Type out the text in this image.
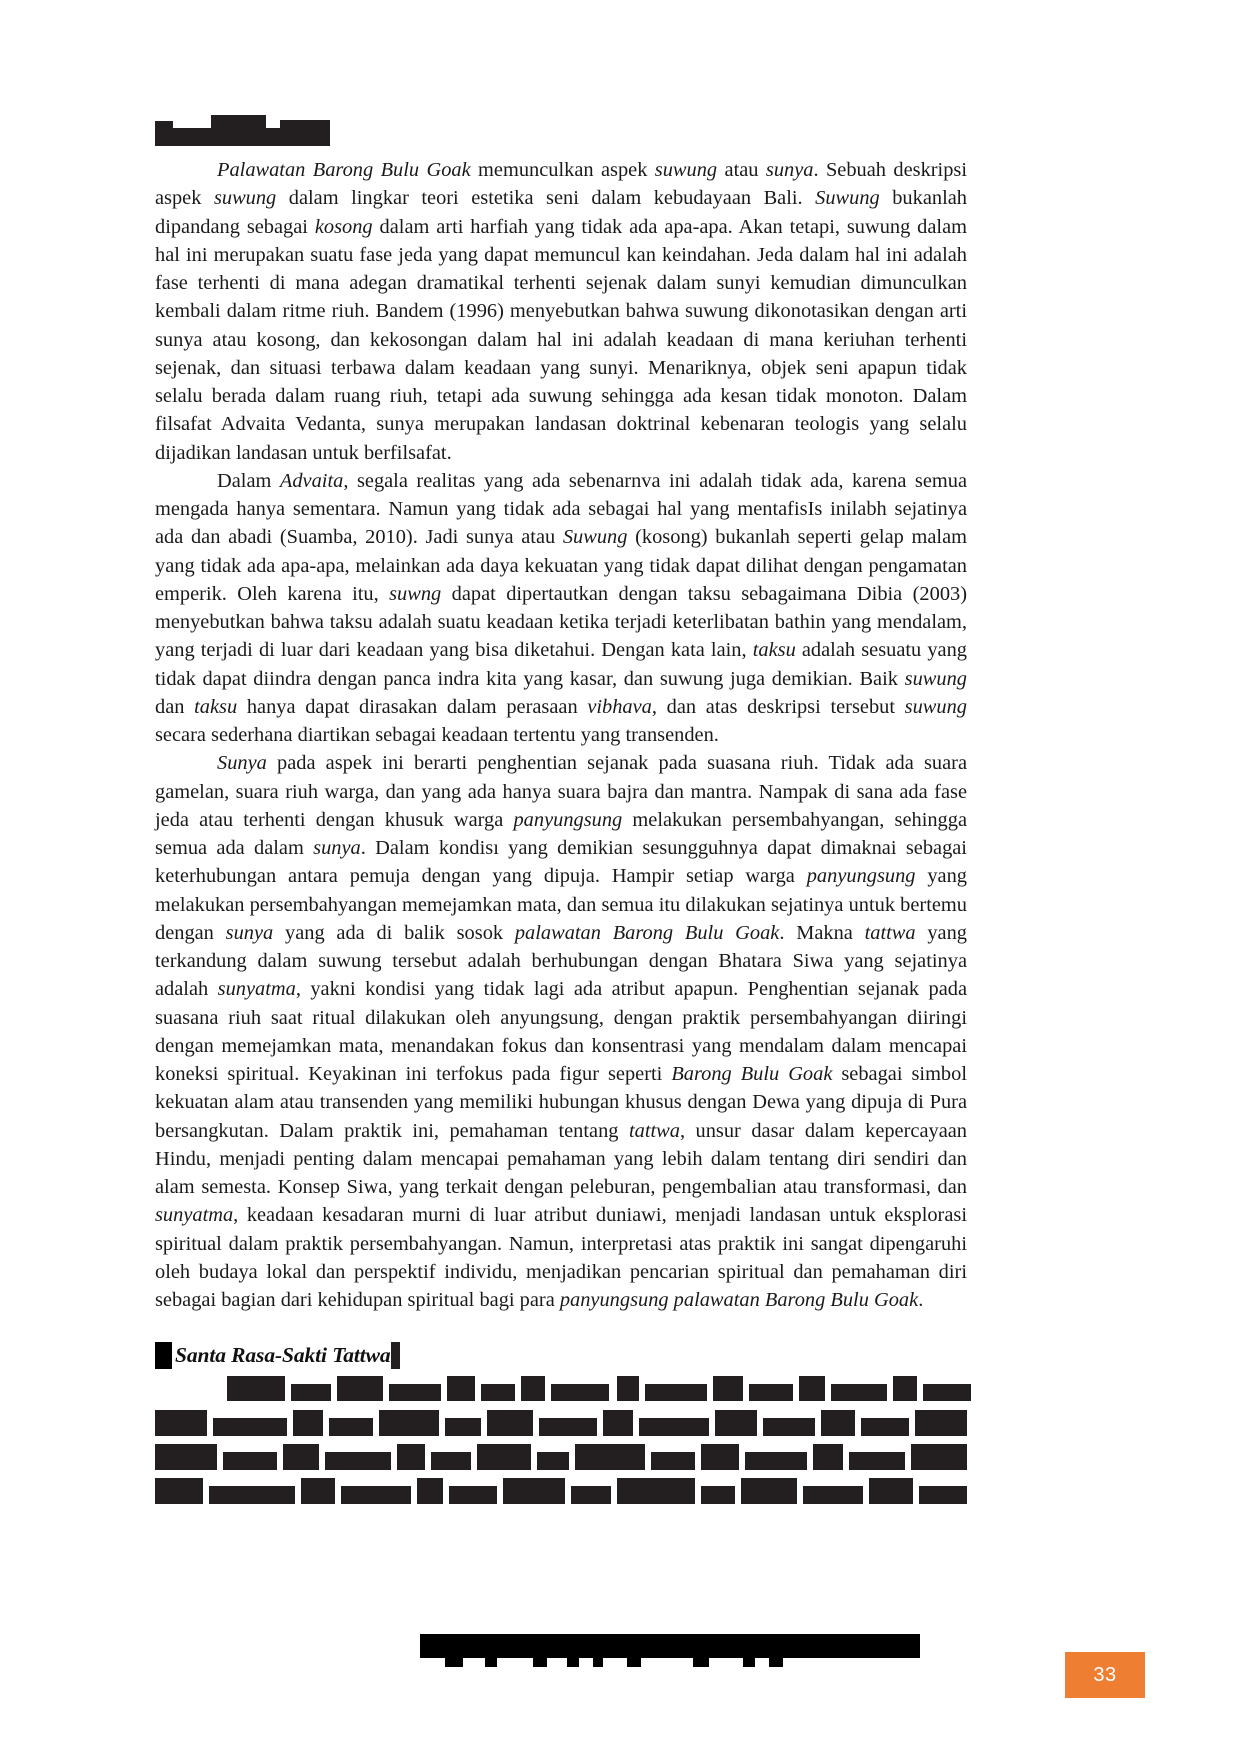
Palawatan Barong Bulu Goak memunculkan aspek suwung atau sunya. Sebuah deskripsi aspek suwung dalam lingkar teori estetika seni dalam kebudayaan Bali. Suwung bukanlah dipandang sebagai kosong dalam arti harfiah yang tidak ada apa-apa. Akan tetapi, suwung dalam hal ini merupakan suatu fase jeda yang dapat memuncul kan keindahan. Jeda dalam hal ini adalah fase terhenti di mana adegan dramatikal terhenti sejenak dalam sunyi kemudian dimunculkan kembali dalam ritme riuh. Bandem (1996) menyebutkan bahwa suwung dikonotasikan dengan arti sunya atau kosong, dan kekosongan dalam hal ini adalah keadaan di mana keriuhan terhenti sejenak, dan situasi terbawa dalam keadaan yang sunyi. Menariknya, objek seni apapun tidak selalu berada dalam ruang riuh, tetapi ada suwung sehingga ada kesan tidak monoton. Dalam filsafat Advaita Vedanta, sunya merupakan landasan doktrinal kebenaran teologis yang selalu dijadikan landasan untuk berfilsafat.

Dalam Advaita, segala realitas yang ada sebenarnva ini adalah tidak ada, karena semua mengada hanya sementara. Namun yang tidak ada sebagai hal yang mentafisIs inilabh sejatinya ada dan abadi (Suamba, 2010). Jadi sunya atau Suwung (kosong) bukanlah seperti gelap malam yang tidak ada apa-apa, melainkan ada daya kekuatan yang tidak dapat dilihat dengan pengamatan emperik. Oleh karena itu, suwng dapat dipertautkan dengan taksu sebagaimana Dibia (2003) menyebutkan bahwa taksu adalah suatu keadaan ketika terjadi keterlibatan bathin yang mendalam, yang terjadi di luar dari keadaan yang bisa diketahui. Dengan kata lain, taksu adalah sesuatu yang tidak dapat diindra dengan panca indra kita yang kasar, dan suwung juga demikian. Baik suwung dan taksu hanya dapat dirasakan dalam perasaan vibhava, dan atas deskripsi tersebut suwung secara sederhana diartikan sebagai keadaan tertentu yang transenden.

Sunya pada aspek ini berarti penghentian sejanak pada suasana riuh. Tidak ada suara gamelan, suara riuh warga, dan yang ada hanya suara bajra dan mantra. Nampak di sana ada fase jeda atau terhenti dengan khusuk warga panyungsung melakukan persembahyangan, sehingga semua ada dalam sunya. Dalam kondisı yang demikian sesungguhnya dapat dimaknai sebagai keterhubungan antara pemuja dengan yang dipuja. Hampir setiap warga panyungsung yang melakukan persembahyangan memejamkan mata, dan semua itu dilakukan sejatinya untuk bertemu dengan sunya yang ada di balik sosok palawatan Barong Bulu Goak. Makna tattwa yang terkandung dalam suwung tersebut adalah berhubungan dengan Bhatara Siwa yang sejatinya adalah sunyatma, yakni kondisi yang tidak lagi ada atribut apapun. Penghentian sejanak pada suasana riuh saat ritual dilakukan oleh anyungsung, dengan praktik persembahyangan diiringi dengan memejamkan mata, menandakan fokus dan konsentrasi yang mendalam dalam mencapai koneksi spiritual. Keyakinan ini terfokus pada figur seperti Barong Bulu Goak sebagai simbol kekuatan alam atau transenden yang memiliki hubungan khusus dengan Dewa yang dipuja di Pura bersangkutan. Dalam praktik ini, pemahaman tentang tattwa, unsur dasar dalam kepercayaan Hindu, menjadi penting dalam mencapai pemahaman yang lebih dalam tentang diri sendiri dan alam semesta. Konsep Siwa, yang terkait dengan peleburan, pengembalian atau transformasi, dan sunyatma, keadaan kesadaran murni di luar atribut duniawi, menjadi landasan untuk eksplorasi spiritual dalam praktik persembahyangan. Namun, interpretasi atas praktik ini sangat dipengaruhi oleh budaya lokal dan perspektif individu, menjadikan pencarian spiritual dan pemahaman diri sebagai bagian dari kehidupan spiritual bagi para panyungsung palawatan Barong Bulu Goak.

Santa Rasa-Sakti Tattwa
33
